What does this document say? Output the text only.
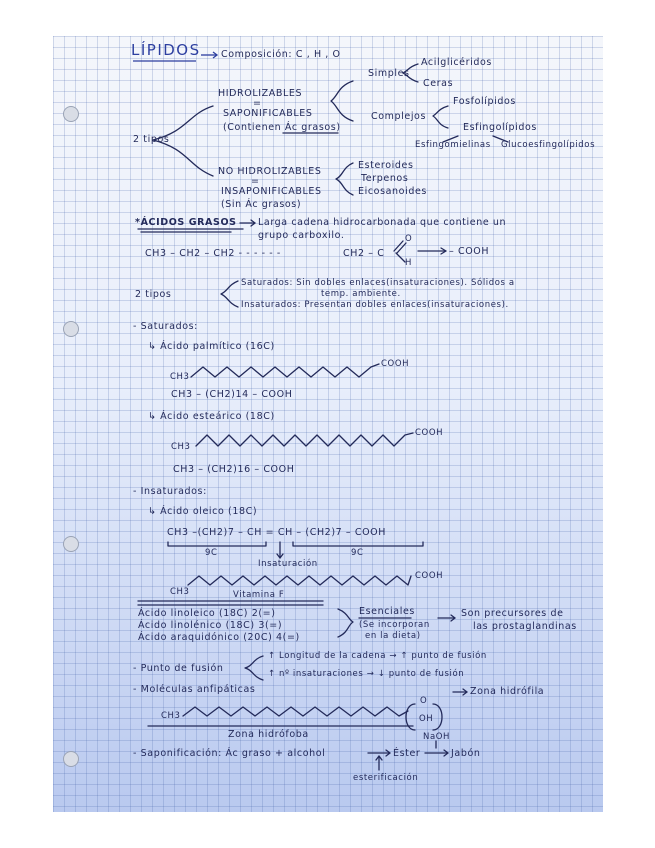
LÍPIDOS Composición: C , H , O
2 tipos
HIDROLIZABLES
=
SAPONIFICABLES
(Contienen Ác grasos)
Simples
Acilglicéridos
Ceras
Complejos
Fosfolípidos
Esfingolípidos
Esfingomielinas Glucoesfingolípidos
NO HIDROLIZABLES
=
INSAPONIFICABLES
(Sin Ác grasos)
Esteroides
Terpenos
Eicosanoides
*ÁCIDOS GRASOS Larga cadena hidrocarbonada que contiene un
grupo carboxilo.
CH3 – CH2 – CH2 - - - - - -	CH2 – C
O
H
– COOH
2 tipos
Saturados: Sin dobles enlaces(insaturaciones). Sólidos a
temp. ambiente.
Insaturados: Presentan dobles enlaces(insaturaciones).
- Saturados:
↳ Ácido palmítico (16C)
CH3
COOH
CH3 – (CH2)14 – COOH
↳ Ácido esteárico (18C)
CH3
COOH
CH3 – (CH2)16 – COOH
- Insaturados:
↳ Ácido oleico (18C)
CH3 –(CH2)7 – CH = CH – (CH2)7 – COOH
9C	9C
Insaturación
CH3
COOH
Vitamina F
Ácido linoleico (18C) 2(=)
Ácido linolénico (18C) 3(=)
Ácido araquidónico (20C) 4(=)
Esenciales
(Se incorporan
en la dieta)
Son precursores de
las prostaglandinas
- Punto de fusión
↑ Longitud de la cadena → ↑ punto de fusión
↑ nº insaturaciones → ↓ punto de fusión
- Moléculas anfipáticas
CH3
O
OH
Zona hidrófila
Zona hidrófoba
- Saponificación: Ác graso + alcohol	Éster
NaOH
Jabón
esterificación
